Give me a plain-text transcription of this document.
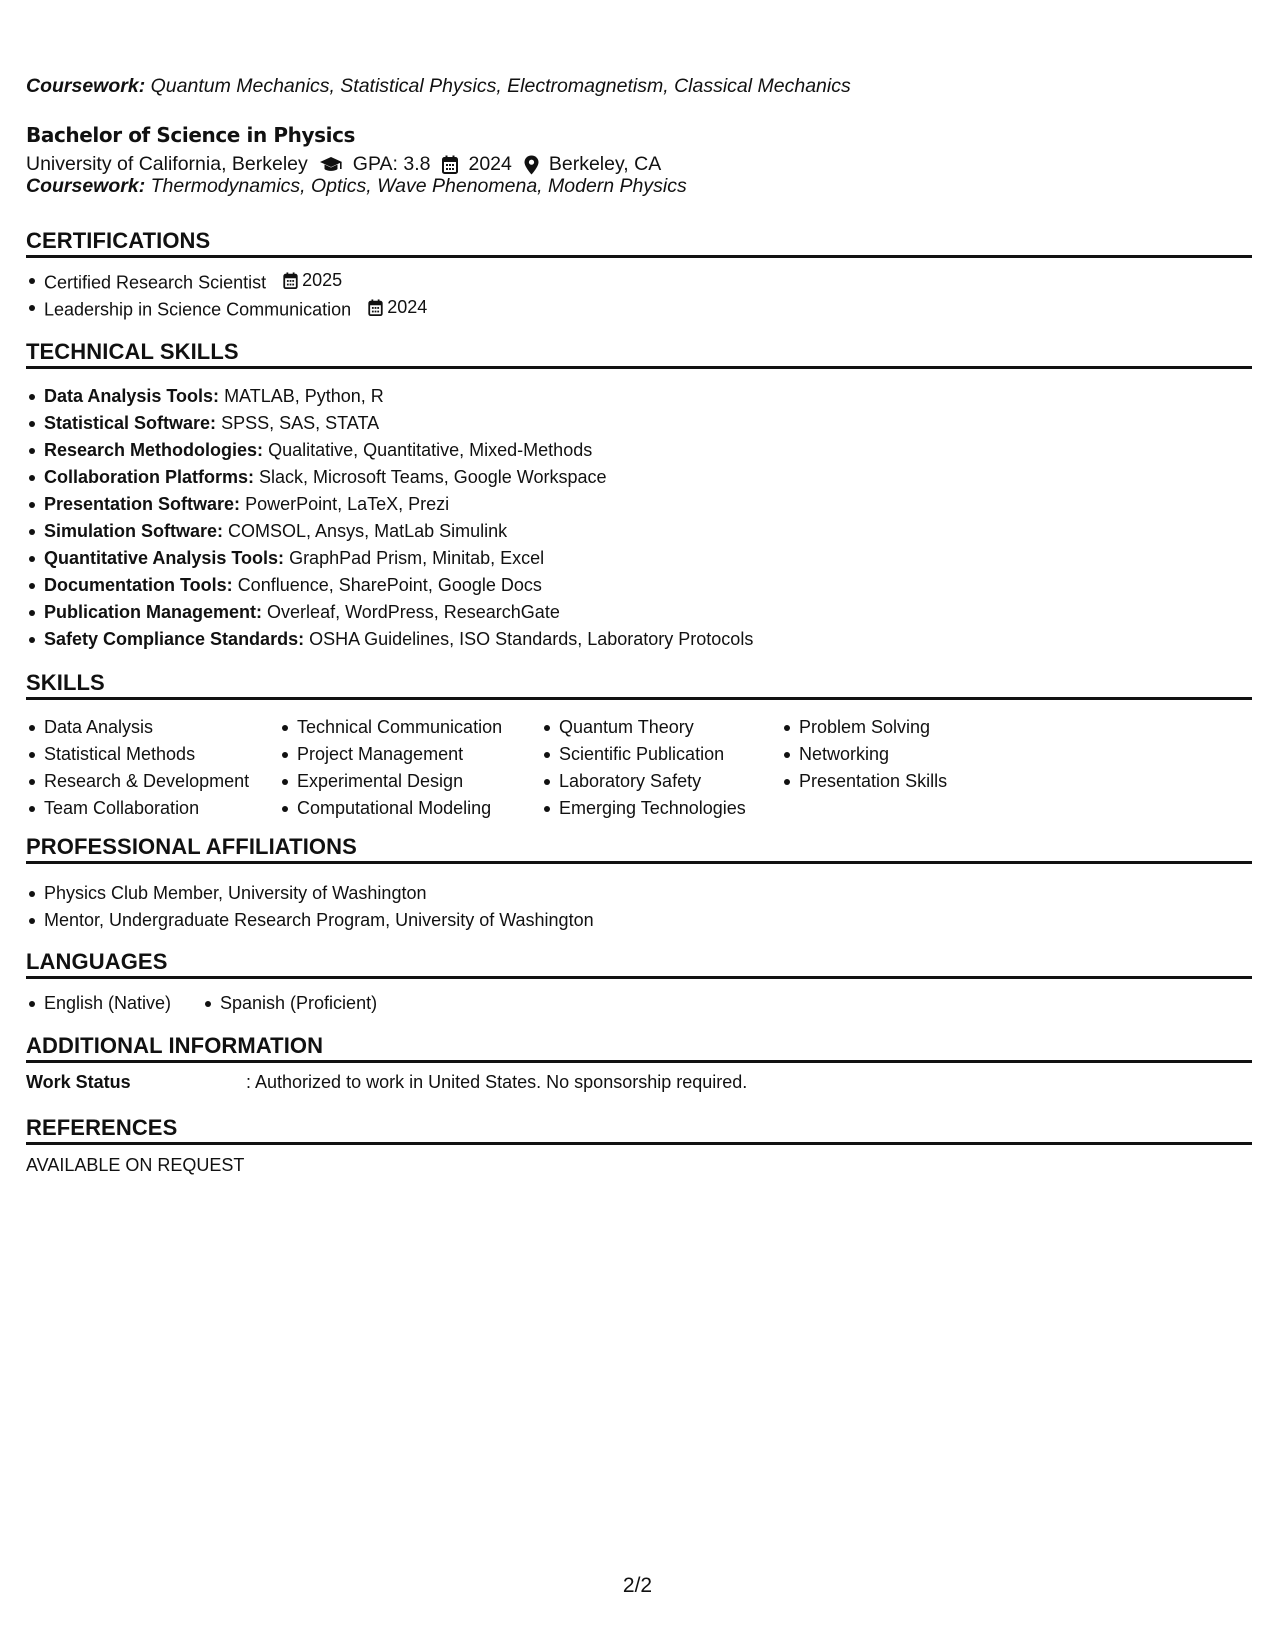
Coursework: Quantum Mechanics, Statistical Physics, Electromagnetism, Classical Mechanics
Bachelor of Science in Physics
University of California, Berkeley GPA: 3.8 2024 Berkeley, CA
Coursework: Thermodynamics, Optics, Wave Phenomena, Modern Physics
CERTIFICATIONS
Certified Research Scientist 2025
Leadership in Science Communication 2024
TECHNICAL SKILLS
Data Analysis Tools: MATLAB, Python, R
Statistical Software: SPSS, SAS, STATA
Research Methodologies: Qualitative, Quantitative, Mixed-Methods
Collaboration Platforms: Slack, Microsoft Teams, Google Workspace
Presentation Software: PowerPoint, LaTeX, Prezi
Simulation Software: COMSOL, Ansys, MatLab Simulink
Quantitative Analysis Tools: GraphPad Prism, Minitab, Excel
Documentation Tools: Confluence, SharePoint, Google Docs
Publication Management: Overleaf, WordPress, ResearchGate
Safety Compliance Standards: OSHA Guidelines, ISO Standards, Laboratory Protocols
SKILLS
Data Analysis
Statistical Methods
Research & Development
Team Collaboration
Technical Communication
Project Management
Experimental Design
Computational Modeling
Quantum Theory
Scientific Publication
Laboratory Safety
Emerging Technologies
Problem Solving
Networking
Presentation Skills
PROFESSIONAL AFFILIATIONS
Physics Club Member, University of Washington
Mentor, Undergraduate Research Program, University of Washington
LANGUAGES
English (Native)	Spanish (Proficient)
ADDITIONAL INFORMATION
Work Status	: Authorized to work in United States. No sponsorship required.
REFERENCES
AVAILABLE ON REQUEST
2/2
